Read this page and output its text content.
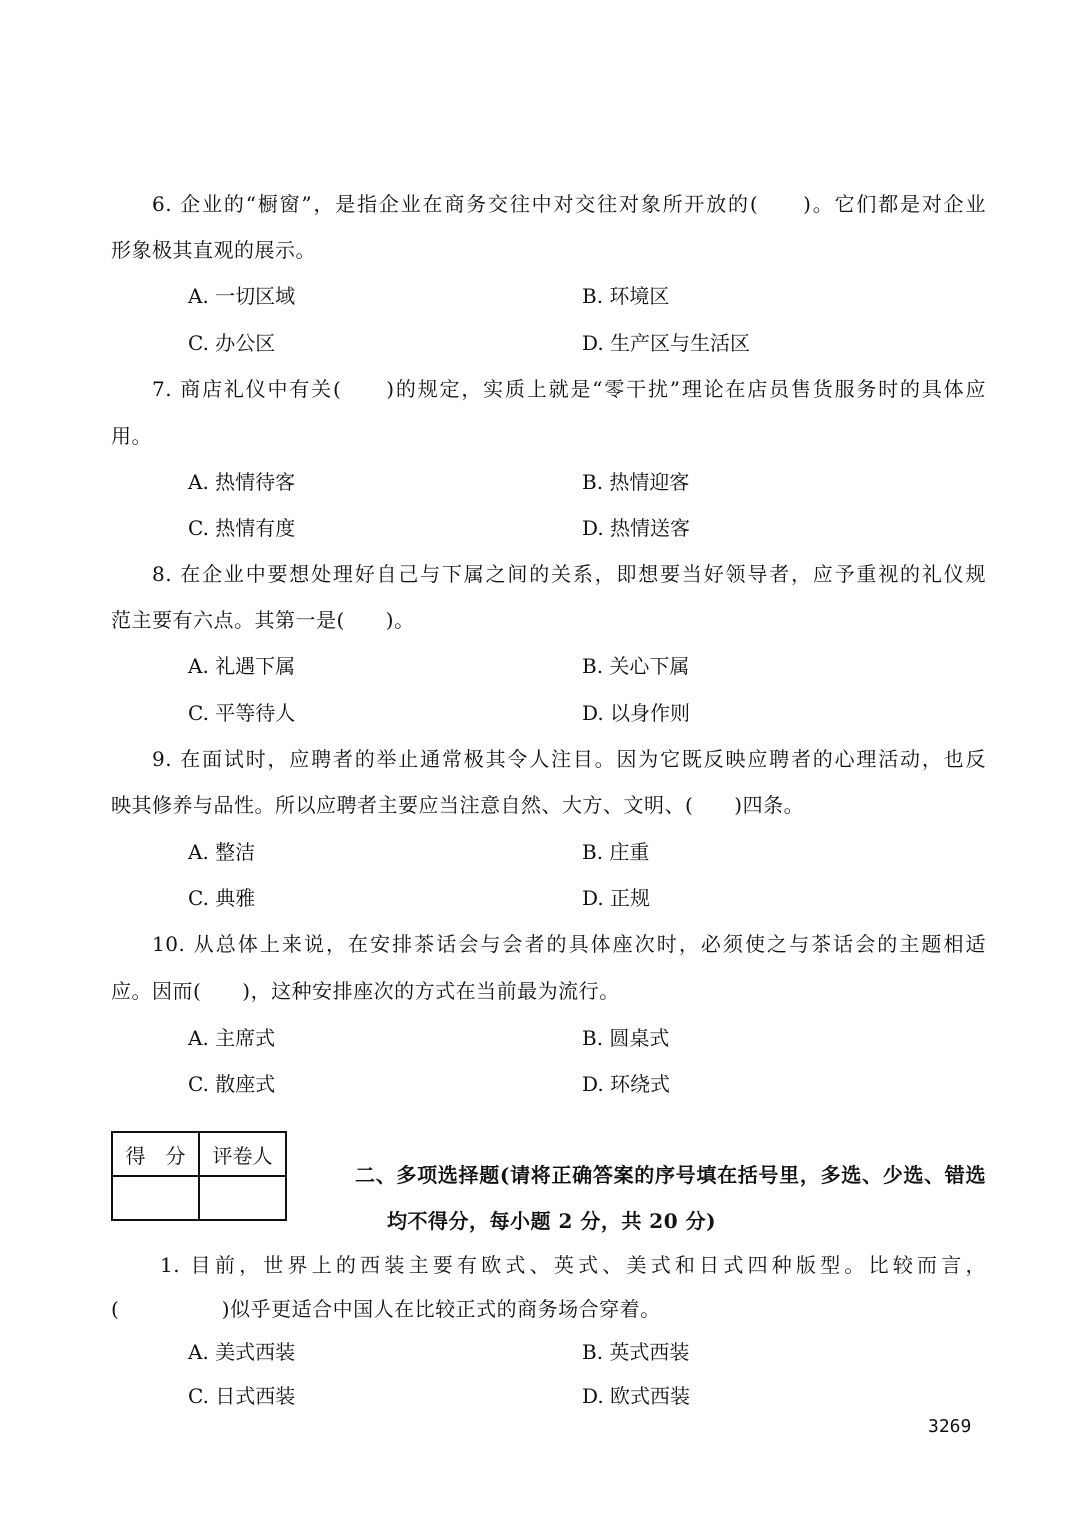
6. 企业的“橱窗”，是指企业在商务交往中对交往对象所开放的(　　)。它们都是对企业
形象极其直观的展示。
A. 一切区域	B. 环境区
C. 办公区	D. 生产区与生活区
7. 商店礼仪中有关(　　)的规定，实质上就是“零干扰”理论在店员售货服务时的具体应
用。
A. 热情待客	B. 热情迎客
C. 热情有度	D. 热情送客
8. 在企业中要想处理好自己与下属之间的关系，即想要当好领导者，应予重视的礼仪规
范主要有六点。其第一是(　　)。
A. 礼遇下属	B. 关心下属
C. 平等待人	D. 以身作则
9. 在面试时，应聘者的举止通常极其令人注目。因为它既反映应聘者的心理活动，也反
映其修养与品性。所以应聘者主要应当注意自然、大方、文明、(　　)四条。
A. 整洁	B. 庄重
C. 典雅	D. 正规
10. 从总体上来说，在安排茶话会与会者的具体座次时，必须使之与茶话会的主题相适
应。因而(　　)，这种安排座次的方式在当前最为流行。
A. 主席式	B. 圆桌式
C. 散座式	D. 环绕式
得　分	评卷人

二、多项选择题(请将正确答案的序号填在括号里，多选、少选、错选
均不得分，每小题 2 分，共 20 分)
1. 目前，世界上的西装主要有欧式、英式、美式和日式四种版型。比较而言，
(　　　　　)似乎更适合中国人在比较正式的商务场合穿着。
A. 美式西装	B. 英式西装
C. 日式西装	D. 欧式西装
3269
